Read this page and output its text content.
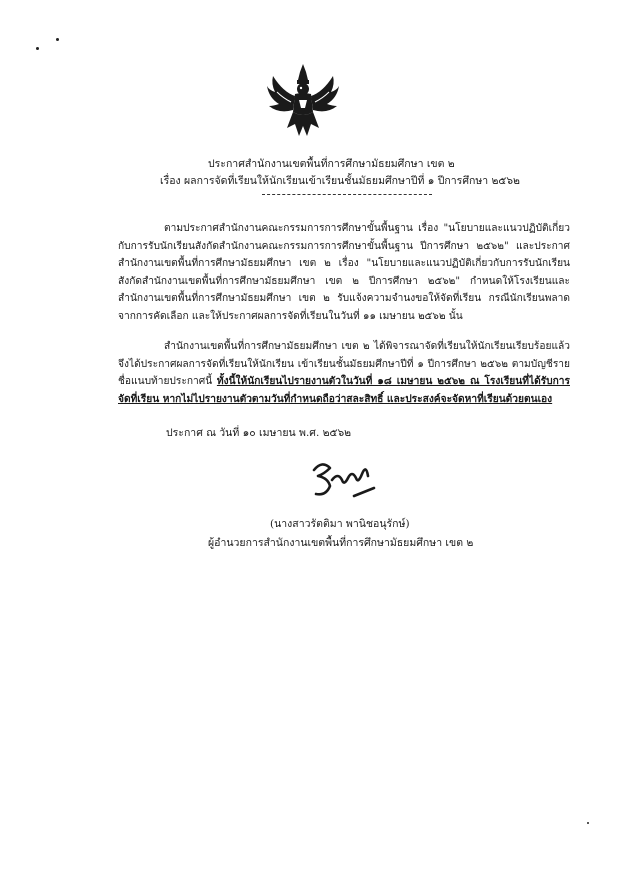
ประกาศสำนักงานเขตพื้นที่การศึกษามัธยมศึกษา เขต ๒
เรื่อง ผลการจัดที่เรียนให้นักเรียนเข้าเรียนชั้นมัธยมศึกษาปีที่ ๑ ปีการศึกษา ๒๕๖๒
ตามประกาศสำนักงานคณะกรรมการการศึกษาขั้นพื้นฐาน เรื่อง "นโยบายและแนวปฏิบัติเกี่ยวกับการรับนักเรียนสังกัดสำนักงานคณะกรรมการการศึกษาขั้นพื้นฐาน ปีการศึกษา ๒๕๖๒" และประกาศสำนักงานเขตพื้นที่การศึกษามัธยมศึกษา เขต ๒ เรื่อง "นโยบายและแนวปฏิบัติเกี่ยวกับการรับนักเรียน สังกัดสำนักงานเขตพื้นที่การศึกษามัธยมศึกษา เขต ๒ ปีการศึกษา ๒๕๖๒" กำหนดให้โรงเรียนและสำนักงานเขตพื้นที่การศึกษามัธยมศึกษา เขต ๒ รับแจ้งความจำนงขอให้จัดที่เรียน กรณีนักเรียนพลาดจากการคัดเลือก และให้ประกาศผลการจัดที่เรียนในวันที่ ๑๑ เมษายน ๒๕๖๒ นั้น
สำนักงานเขตพื้นที่การศึกษามัธยมศึกษา เขต ๒ ได้พิจารณาจัดที่เรียนให้นักเรียนเรียบร้อยแล้ว จึงได้ประกาศผลการจัดที่เรียนให้นักเรียน เข้าเรียนชั้นมัธยมศึกษาปีที่ ๑ ปีการศึกษา ๒๕๖๒ ตามบัญชีรายชื่อแนบท้ายประกาศนี้ ทั้งนี้ให้นักเรียนไปรายงานตัวในวันที่ ๑๘ เมษายน ๒๕๖๒ ณ โรงเรียนที่ได้รับการจัดที่เรียน หากไม่ไปรายงานตัวตามวันที่กำหนดถือว่าสละสิทธิ์ และประสงค์จะจัดหาที่เรียนด้วยตนเอง
ประกาศ ณ วันที่ ๑๐ เมษายน พ.ศ. ๒๕๖๒
(นางสาวรัตติมา พานิชอนุรักษ์)
ผู้อำนวยการสำนักงานเขตพื้นที่การศึกษามัธยมศึกษา เขต ๒
